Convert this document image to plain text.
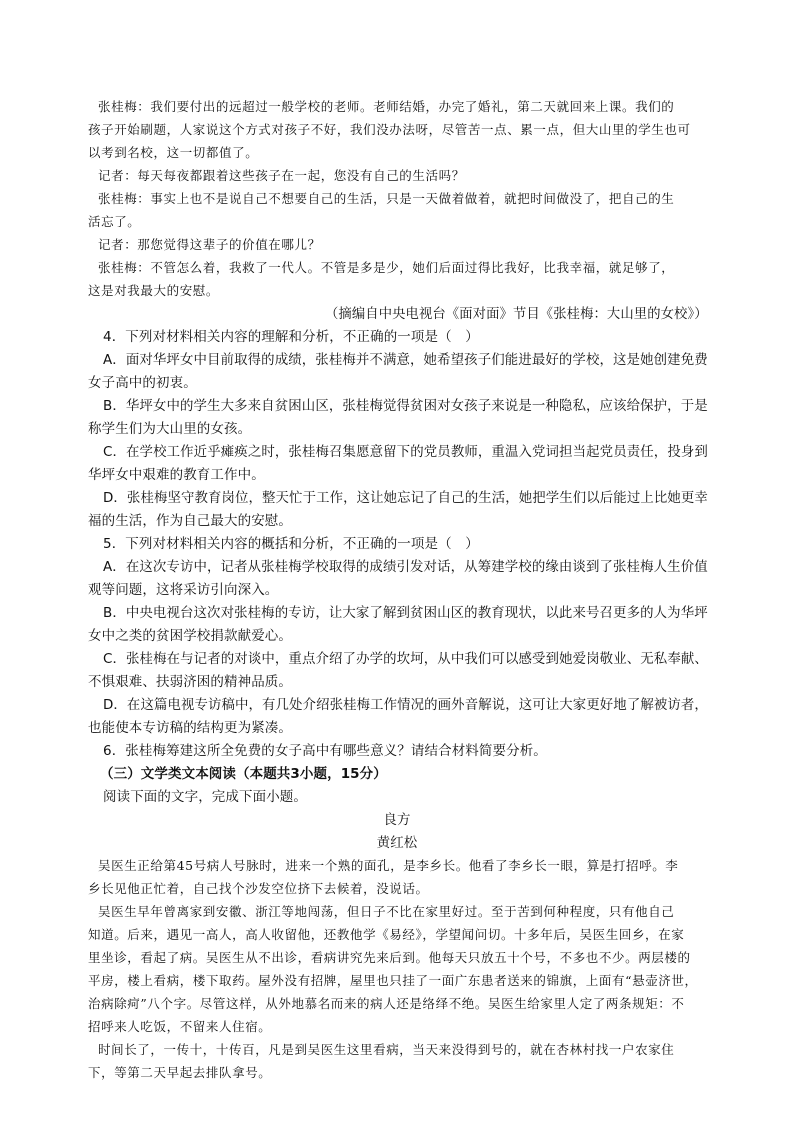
张桂梅：我们要付出的远超过一般学校的老师。老师结婚，办完了婚礼，第二天就回来上课。我们的
孩子开始刷题，人家说这个方式对孩子不好，我们没办法呀，尽管苦一点、累一点，但大山里的学生也可
以考到名校，这一切都值了。
记者：每天每夜都跟着这些孩子在一起，您没有自己的生活吗？
张桂梅：事实上也不是说自己不想要自己的生活，只是一天做着做着，就把时间做没了，把自己的生
活忘了。
记者：那您觉得这辈子的价值在哪儿？
张桂梅：不管怎么着，我救了一代人。不管是多是少，她们后面过得比我好，比我幸福，就足够了，
这是对我最大的安慰。
（摘编自中央电视台《面对面》节目《张桂梅：大山里的女校》）
4．下列对材料相关内容的理解和分析，不正确的一项是（　）
A．面对华坪女中目前取得的成绩，张桂梅并不满意，她希望孩子们能进最好的学校，这是她创建免费
女子高中的初衷。
B．华坪女中的学生大多来自贫困山区，张桂梅觉得贫困对女孩子来说是一种隐私，应该给保护，于是
称学生们为大山里的女孩。
C．在学校工作近乎瘫痪之时，张桂梅召集愿意留下的党员教师，重温入党词担当起党员责任，投身到
华坪女中艰难的教育工作中。
D．张桂梅坚守教育岗位，整天忙于工作，这让她忘记了自己的生活，她把学生们以后能过上比她更幸
福的生活，作为自己最大的安慰。
5．下列对材料相关内容的概括和分析，不正确的一项是（　）
A．在这次专访中，记者从张桂梅学校取得的成绩引发对话，从筹建学校的缘由谈到了张桂梅人生价值
观等问题，这将采访引向深入。
B．中央电视台这次对张桂梅的专访，让大家了解到贫困山区的教育现状，以此来号召更多的人为华坪
女中之类的贫困学校捐款献爱心。
C．张桂梅在与记者的对谈中，重点介绍了办学的坎坷，从中我们可以感受到她爱岗敬业、无私奉献、
不惧艰难、扶弱济困的精神品质。
D．在这篇电视专访稿中，有几处介绍张桂梅工作情况的画外音解说，这可让大家更好地了解被访者，
也能使本专访稿的结构更为紧凑。
6．张桂梅筹建这所全免费的女子高中有哪些意义？请结合材料简要分析。
（三）文学类文本阅读（本题共3小题，15分）
阅读下面的文字，完成下面小题。
良方
黄红松
吴医生正给第45号病人号脉时，进来一个熟的面孔，是李乡长。他看了李乡长一眼，算是打招呼。李
乡长见他正忙着，自己找个沙发空位挤下去候着，没说话。
吴医生早年曾离家到安徽、浙江等地闯荡，但日子不比在家里好过。至于苦到何种程度，只有他自己
知道。后来，遇见一高人，高人收留他，还教他学《易经》，学望闻问切。十多年后，吴医生回乡，在家
里坐诊，看起了病。吴医生从不出诊，看病讲究先来后到。他每天只放五十个号，不多也不少。两层楼的
平房，楼上看病，楼下取药。屋外没有招牌，屋里也只挂了一面广东患者送来的锦旗，上面有“悬壶济世，
治病除疴”八个字。尽管这样，从外地慕名而来的病人还是络绎不绝。吴医生给家里人定了两条规矩：不
招呼来人吃饭，不留来人住宿。
时间长了，一传十，十传百，凡是到吴医生这里看病，当天来没得到号的，就在杏林村找一户农家住
下，等第二天早起去排队拿号。
